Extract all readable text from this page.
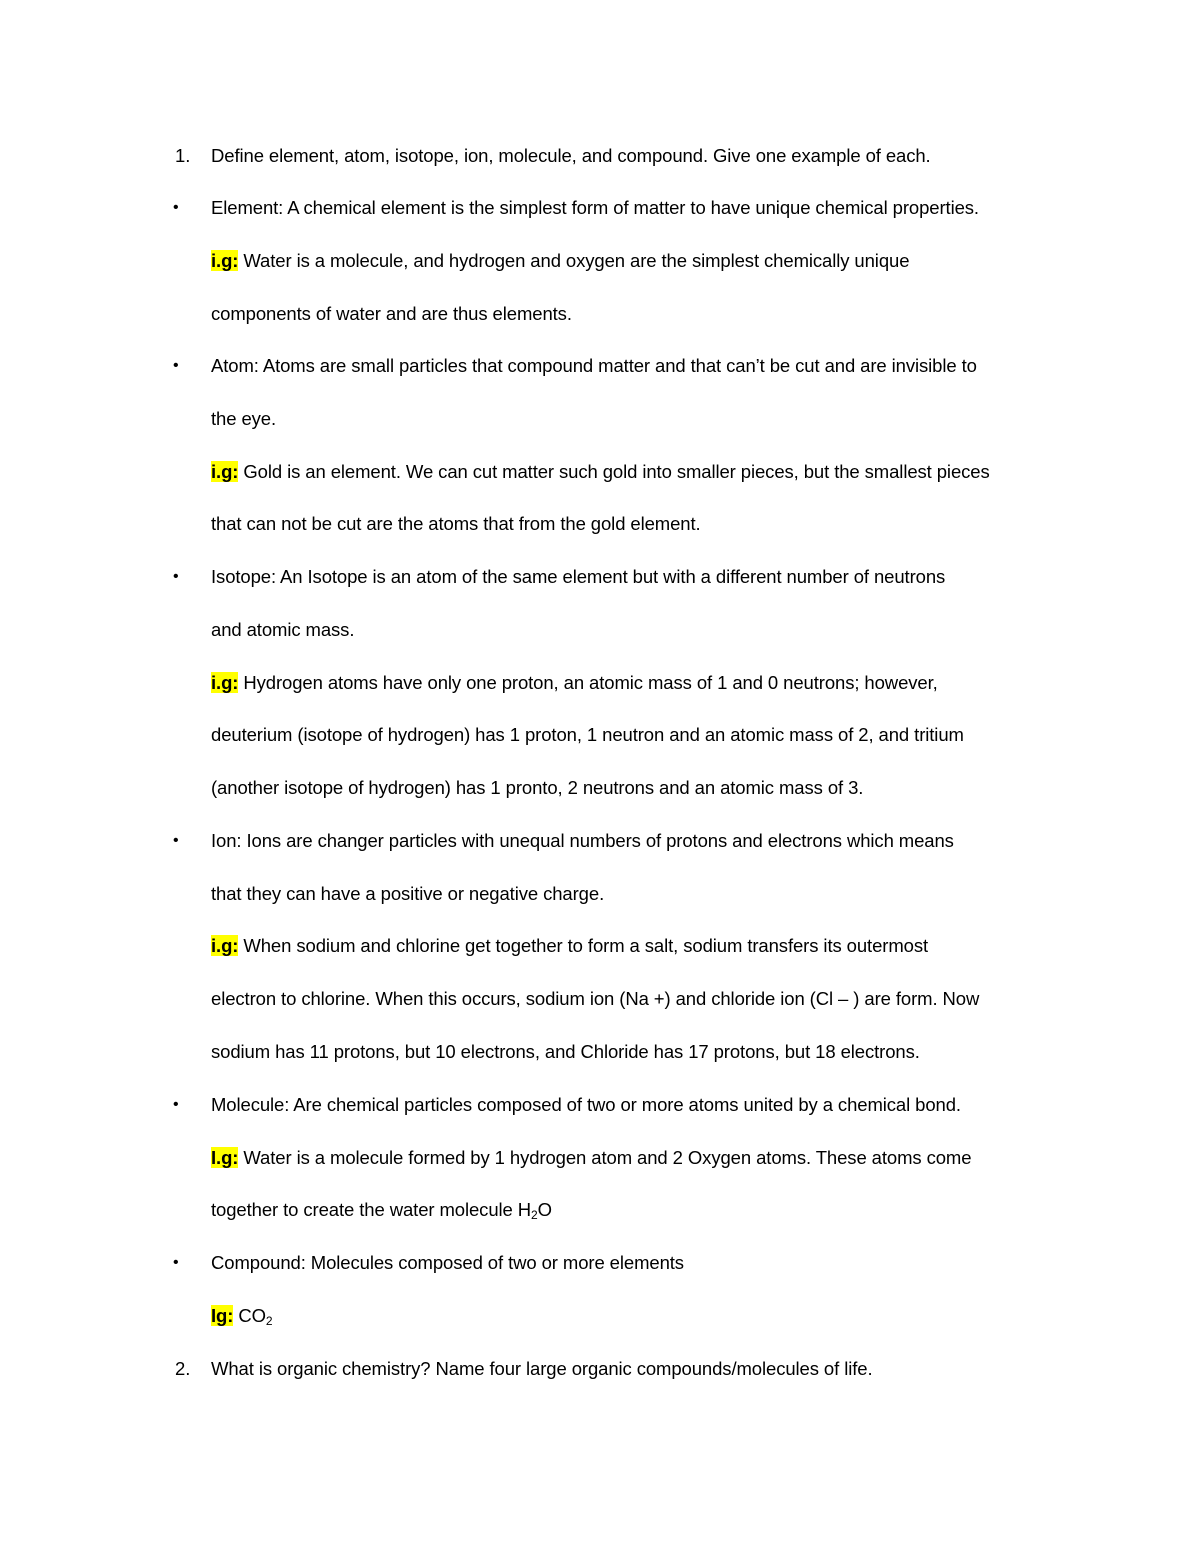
1. Define element, atom, isotope, ion, molecule, and compound. Give one example of each.
• Element: A chemical element is the simplest form of matter to have unique chemical properties.
i.g: Water is a molecule, and hydrogen and oxygen are the simplest chemically unique
components of water and are thus elements.
• Atom: Atoms are small particles that compound matter and that can’t be cut and are invisible to
the eye.
i.g: Gold is an element. We can cut matter such gold into smaller pieces, but the smallest pieces
that can not be cut are the atoms that from the gold element.
• Isotope: An Isotope is an atom of the same element but with a different number of neutrons
and atomic mass.
i.g: Hydrogen atoms have only one proton, an atomic mass of 1 and 0 neutrons; however,
deuterium (isotope of hydrogen) has 1 proton, 1 neutron and an atomic mass of 2, and tritium
(another isotope of hydrogen) has 1 pronto, 2 neutrons and an atomic mass of 3.
• Ion: Ions are changer particles with unequal numbers of protons and electrons which means
that they can have a positive or negative charge.
i.g: When sodium and chlorine get together to form a salt, sodium transfers its outermost
electron to chlorine. When this occurs, sodium ion (Na +) and chloride ion (Cl – ) are form. Now
sodium has 11 protons, but 10 electrons, and Chloride has 17 protons, but 18 electrons.
• Molecule: Are chemical particles composed of two or more atoms united by a chemical bond.
I.g: Water is a molecule formed by 1 hydrogen atom and 2 Oxygen atoms. These atoms come
together to create the water molecule $H_2O$
• Compound: Molecules composed of two or more elements
Ig: $CO_2$
2. What is organic chemistry? Name four large organic compounds/molecules of life.
